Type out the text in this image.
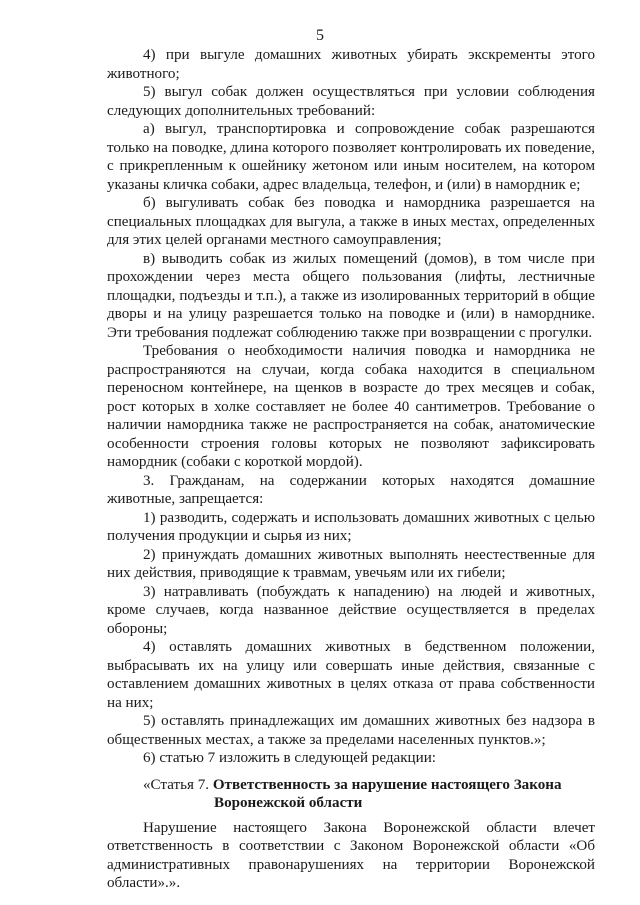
5

4) при выгуле домашних животных убирать экскременты этого животного;

5) выгул собак должен осуществляться при условии соблюдения следующих дополнительных требований:

а) выгул, транспортировка и сопровождение собак разрешаются только на поводке, длина которого позволяет контролировать их поведение, с прикрепленным к ошейнику жетоном или иным носителем, на котором указаны кличка собаки, адрес владельца, телефон, и (или) в намордник е;

б) выгуливать собак без поводка и намордника разрешается на специальных площадках для выгула, а также в иных местах, определенных для этих целей органами местного самоуправления;

в) выводить собак из жилых помещений (домов), в том числе при прохождении через места общего пользования (лифты, лестничные площадки, подъезды и т.п.), а также из изолированных территорий в общие дворы и на улицу разрешается только на поводке и (или) в наморднике. Эти требования подлежат соблюдению также при возвращении с прогулки.

Требования о необходимости наличия поводка и намордника не распространяются на случаи, когда собака находится в специальном переносном контейнере, на щенков в возрасте до трех месяцев и собак, рост которых в холке составляет не более 40 сантиметров. Требование о наличии намордника также не распространяется на собак, анатомические особенности строения головы которых не позволяют зафиксировать намордник (собаки с короткой мордой).

3. Гражданам, на содержании которых находятся домашние животные, запрещается:

1) разводить, содержать и использовать домашних животных с целью получения продукции и сырья из них;

2) принуждать домашних животных выполнять неестественные для них действия, приводящие к травмам, увечьям или их гибели;

3) натравливать (побуждать к нападению) на людей и животных, кроме случаев, когда названное действие осуществляется в пределах обороны;

4) оставлять домашних животных в бедственном положении, выбрасывать их на улицу или совершать иные действия, связанные с оставлением домашних животных в целях отказа от права собственности на них;

5) оставлять принадлежащих им домашних животных без надзора в общественных местах, а также за пределами населенных пунктов.»;

6) статью 7 изложить в следующей редакции:

«Статья 7. Ответственность за нарушение настоящего Закона
Воронежской области

Нарушение настоящего Закона Воронежской области влечет ответственность в соответствии с Законом Воронежской области «Об административных правонарушениях на территории Воронежской области».».
